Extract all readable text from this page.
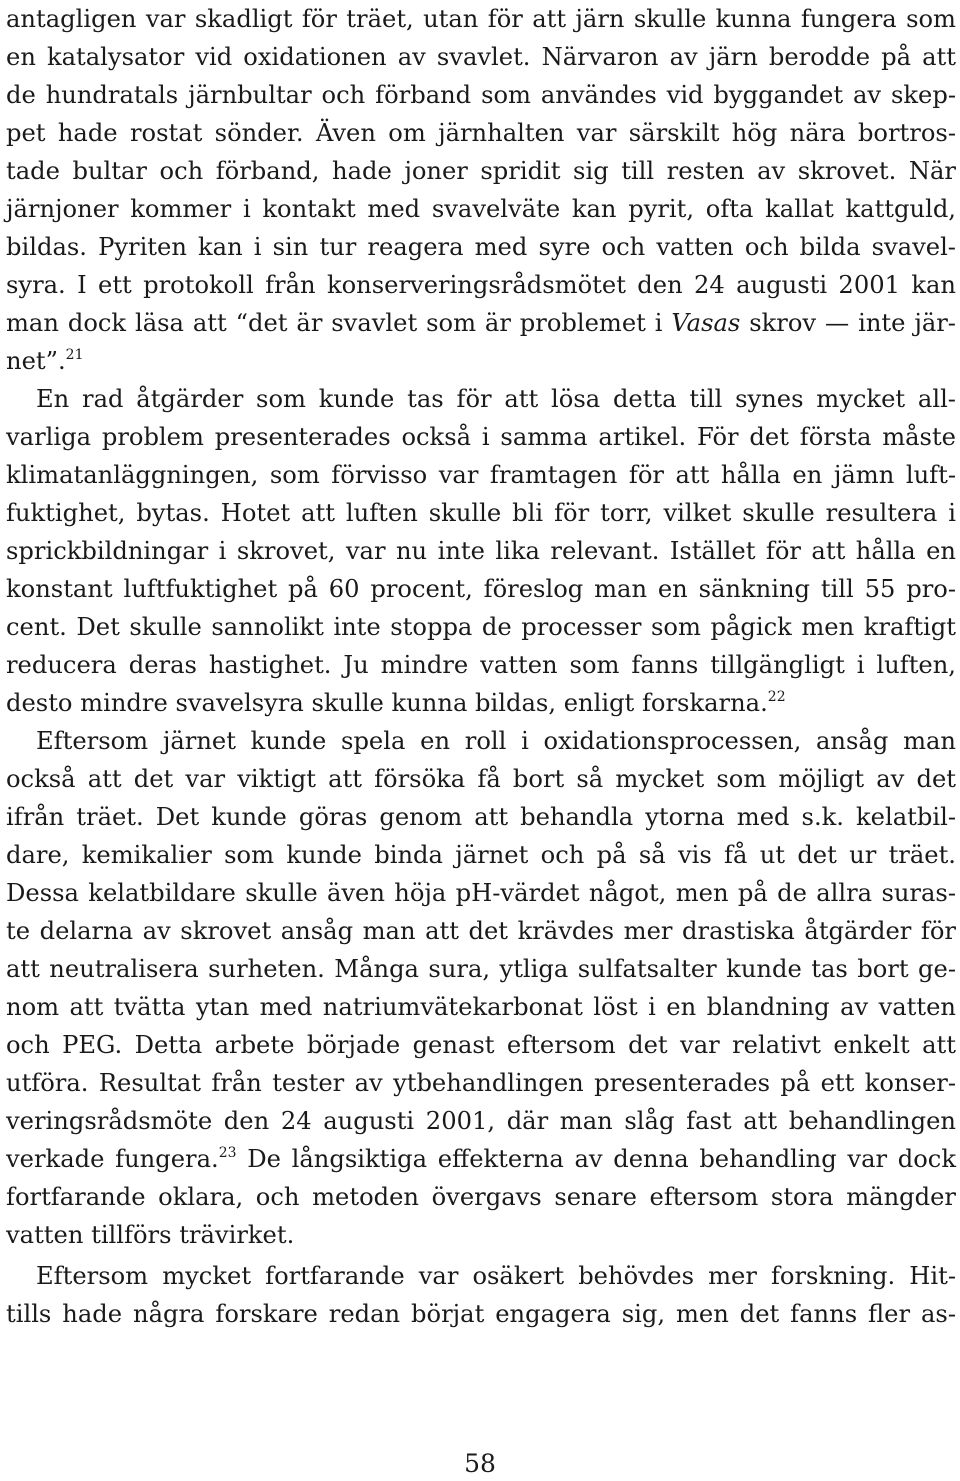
antagligen var skadligt för träet, utan för att järn skulle kunna fungera som
en katalysator vid oxidationen av svavlet. Närvaron av järn berodde på att
de hundratals järnbultar och förband som användes vid byggandet av skep-
pet hade rostat sönder. Även om järnhalten var särskilt hög nära bortros-
tade bultar och förband, hade joner spridit sig till resten av skrovet. När
järnjoner kommer i kontakt med svavelväte kan pyrit, ofta kallat kattguld,
bildas. Pyriten kan i sin tur reagera med syre och vatten och bilda svavel-
syra. I ett protokoll från konserveringsrådsmötet den 24 augusti 2001 kan
man dock läsa att “det är svavlet som är problemet i Vasas skrov — inte jär-
net”.$^{21}$
En rad åtgärder som kunde tas för att lösa detta till synes mycket all-
varliga problem presenterades också i samma artikel. För det första måste
klimatanläggningen, som förvisso var framtagen för att hålla en jämn luft-
fuktighet, bytas. Hotet att luften skulle bli för torr, vilket skulle resultera i
sprickbildningar i skrovet, var nu inte lika relevant. Istället för att hålla en
konstant luftfuktighet på 60 procent, föreslog man en sänkning till 55 pro-
cent. Det skulle sannolikt inte stoppa de processer som pågick men kraftigt
reducera deras hastighet. Ju mindre vatten som fanns tillgängligt i luften,
desto mindre svavelsyra skulle kunna bildas, enligt forskarna.$^{22}$
Eftersom järnet kunde spela en roll i oxidationsprocessen, ansåg man
också att det var viktigt att försöka få bort så mycket som möjligt av det
ifrån träet. Det kunde göras genom att behandla ytorna med s.k. kelatbil-
dare, kemikalier som kunde binda järnet och på så vis få ut det ur träet.
Dessa kelatbildare skulle även höja pH-värdet något, men på de allra suras-
te delarna av skrovet ansåg man att det krävdes mer drastiska åtgärder för
att neutralisera surheten. Många sura, ytliga sulfatsalter kunde tas bort ge-
nom att tvätta ytan med natriumvätekarbonat löst i en blandning av vatten
och PEG. Detta arbete började genast eftersom det var relativt enkelt att
utföra. Resultat från tester av ytbehandlingen presenterades på ett konser-
veringsrådsmöte den 24 augusti 2001, där man slåg fast att behandlingen
verkade fungera.$^{23}$ De långsiktiga effekterna av denna behandling var dock
fortfarande oklara, och metoden övergavs senare eftersom stora mängder
vatten tillförs trävirket.
Eftersom mycket fortfarande var osäkert behövdes mer forskning. Hit-
tills hade några forskare redan börjat engagera sig, men det fanns fler as-
58
